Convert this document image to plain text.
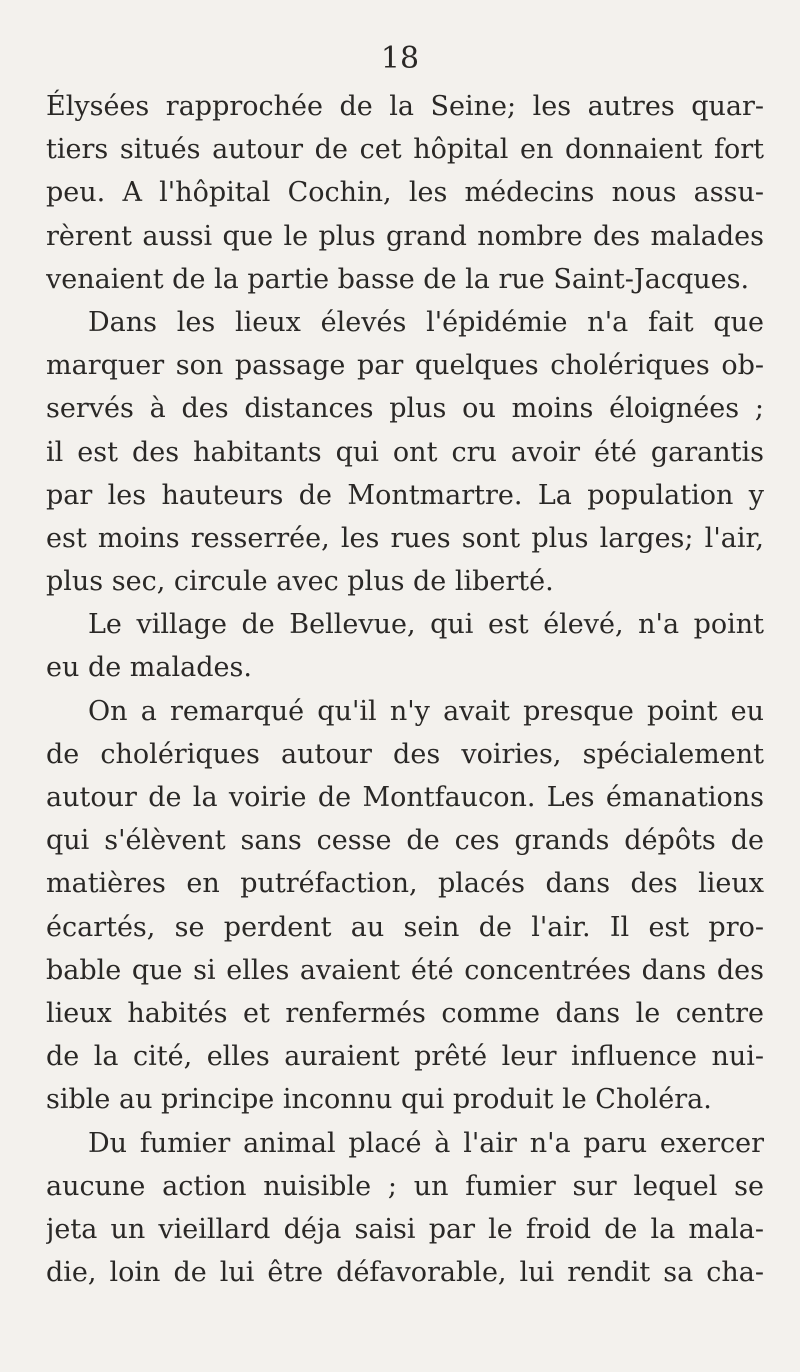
18
Élysées rapprochée de la Seine; les autres quar-
tiers situés autour de cet hôpital en donnaient fort
peu. A l'hôpital Cochin, les médecins nous assu-
rèrent aussi que le plus grand nombre des malades
venaient de la partie basse de la rue Saint-Jacques.
Dans les lieux élevés l'épidémie n'a fait que
marquer son passage par quelques cholériques ob-
servés à des distances plus ou moins éloignées ;
il est des habitants qui ont cru avoir été garantis
par les hauteurs de Montmartre. La population y
est moins resserrée, les rues sont plus larges; l'air,
plus sec, circule avec plus de liberté.
Le village de Bellevue, qui est élevé, n'a point
eu de malades.
On a remarqué qu'il n'y avait presque point eu
de cholériques autour des voiries, spécialement
autour de la voirie de Montfaucon. Les émanations
qui s'élèvent sans cesse de ces grands dépôts de
matières en putréfaction, placés dans des lieux
écartés, se perdent au sein de l'air. Il est pro-
bable que si elles avaient été concentrées dans des
lieux habités et renfermés comme dans le centre
de la cité, elles auraient prêté leur influence nui-
sible au principe inconnu qui produit le Choléra.
Du fumier animal placé à l'air n'a paru exercer
aucune action nuisible ; un fumier sur lequel se
jeta un vieillard déja saisi par le froid de la mala-
die, loin de lui être défavorable, lui rendit sa cha-
